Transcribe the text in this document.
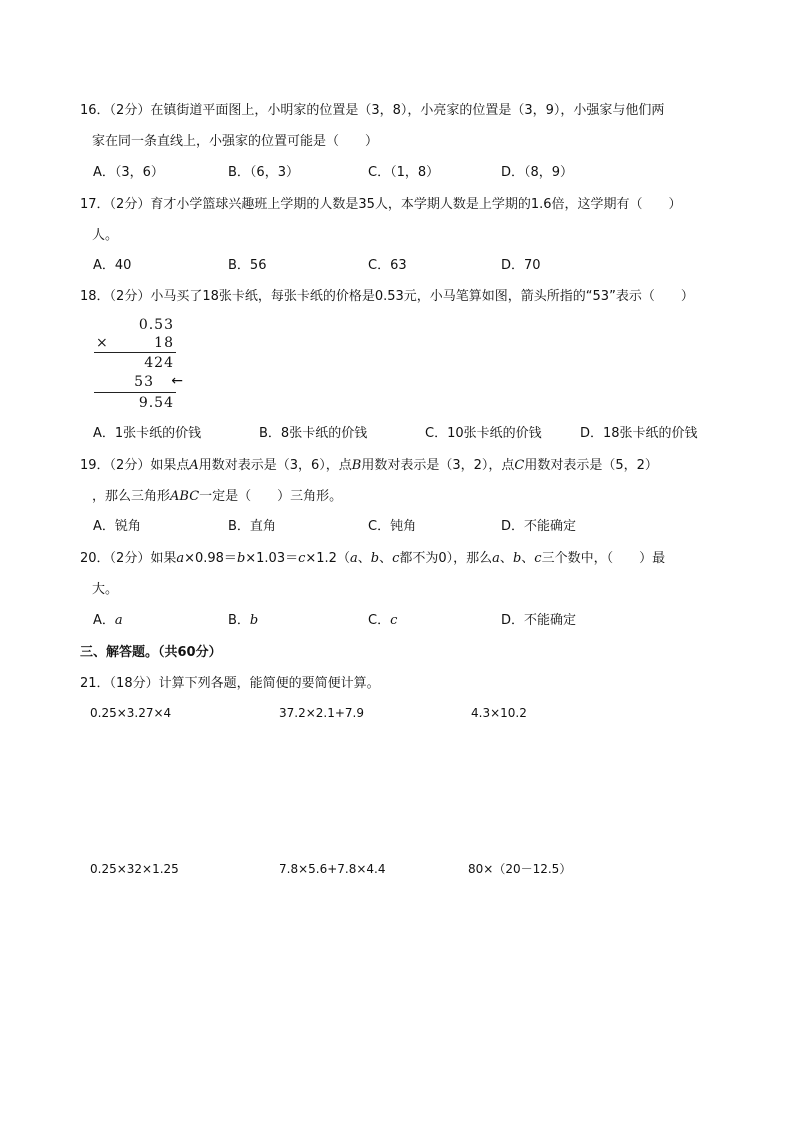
16．（2分）在镇街道平面图上，小明家的位置是（3，8），小亮家的位置是（3，9），小强家与他们两
家在同一条直线上，小强家的位置可能是（　　）
A．（3，6）	B．（6，3）	C．（1，8）	D．（8，9）
17．（2分）育才小学篮球兴趣班上学期的人数是35人，本学期人数是上学期的1.6倍，这学期有（　　）
人。
A．40	B．56	C．63	D．70
18．（2分）小马买了18张卡纸，每张卡纸的价格是0.53元，小马笔算如图，箭头所指的“53”表示（　　）
0.53
×	18
424
53 ←
9.54
A．1张卡纸的价钱	B．8张卡纸的价钱	C．10张卡纸的价钱	D．18张卡纸的价钱
19．（2分）如果点A用数对表示是（3，6），点B用数对表示是（3，2），点C用数对表示是（5，2）
，那么三角形ABC一定是（　　）三角形。
A．锐角	B．直角	C．钝角	D．不能确定
20．（2分）如果a×0.98＝b×1.03＝c×1.2（a、b、c都不为0），那么a、b、c三个数中，（　　）最
大。
A．a	B．b	C．c	D．不能确定
三、解答题。（共60分）
21．（18分）计算下列各题，能简便的要简便计算。
0.25×3.27×4	37.2×2.1+7.9	4.3×10.2
0.25×32×1.25	7.8×5.6+7.8×4.4	80×（20－12.5）
